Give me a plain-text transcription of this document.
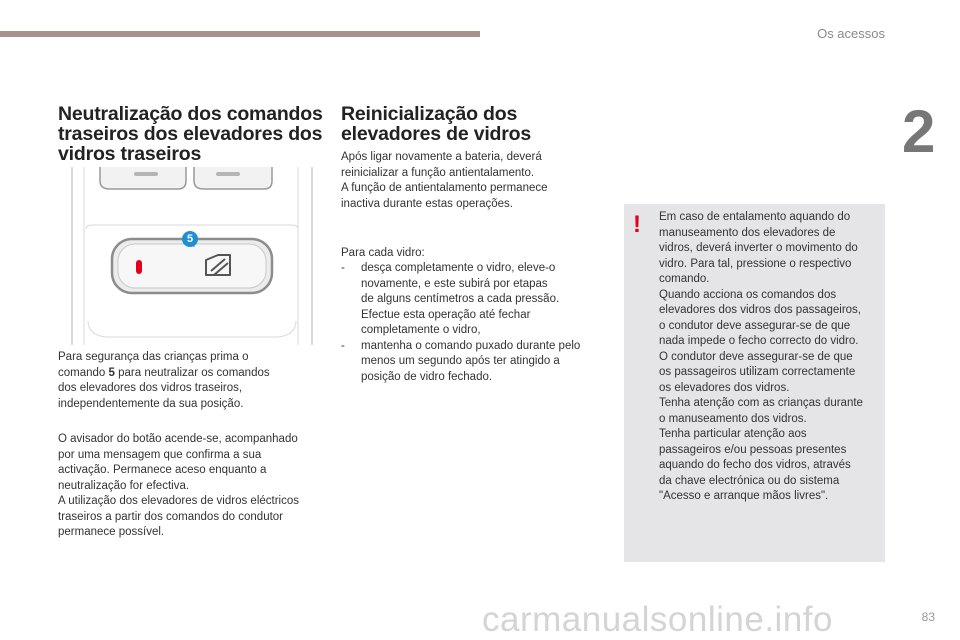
Os acessos
2
Neutralização dos comandos
traseiros dos elevadores dos
vidros traseiros
5

Para segurança das crianças prima o
comando 5 para neutralizar os comandos
dos elevadores dos vidros traseiros,
independentemente da sua posição.

O avisador do botão acende-se, acompanhado
por uma mensagem que confirma a sua
activação. Permanece aceso enquanto a
neutralização for efectiva.
A utilização dos elevadores de vidros eléctricos
traseiros a partir dos comandos do condutor
permanece possível.

Reinicialização dos
elevadores de vidros

Após ligar novamente a bateria, deverá
reinicializar a função antientalamento.
A função de antientalamento permanece
inactiva durante estas operações.

Para cada vidro:

- desça completamente o vidro, eleve-o
novamente, e este subirá por etapas
de alguns centímetros a cada pressão.
Efectue esta operação até fechar
completamente o vidro,
- mantenha o comando puxado durante pelo
menos um segundo após ter atingido a
posição de vidro fechado.
! Em caso de entalamento aquando do
manuseamento dos elevadores de
vidros, deverá inverter o movimento do
vidro. Para tal, pressione o respectivo
comando.
Quando acciona os comandos dos
elevadores dos vidros dos passageiros,
o condutor deve assegurar-se de que
nada impede o fecho correcto do vidro.
O condutor deve assegurar-se de que
os passageiros utilizam correctamente
os elevadores dos vidros.
Tenha atenção com as crianças durante
o manuseamento dos vidros.
Tenha particular atenção aos
passageiros e/ou pessoas presentes
aquando do fecho dos vidros, através
da chave electrónica ou do sistema
"Acesso e arranque mãos livres".

83
carmanualsonline.info
